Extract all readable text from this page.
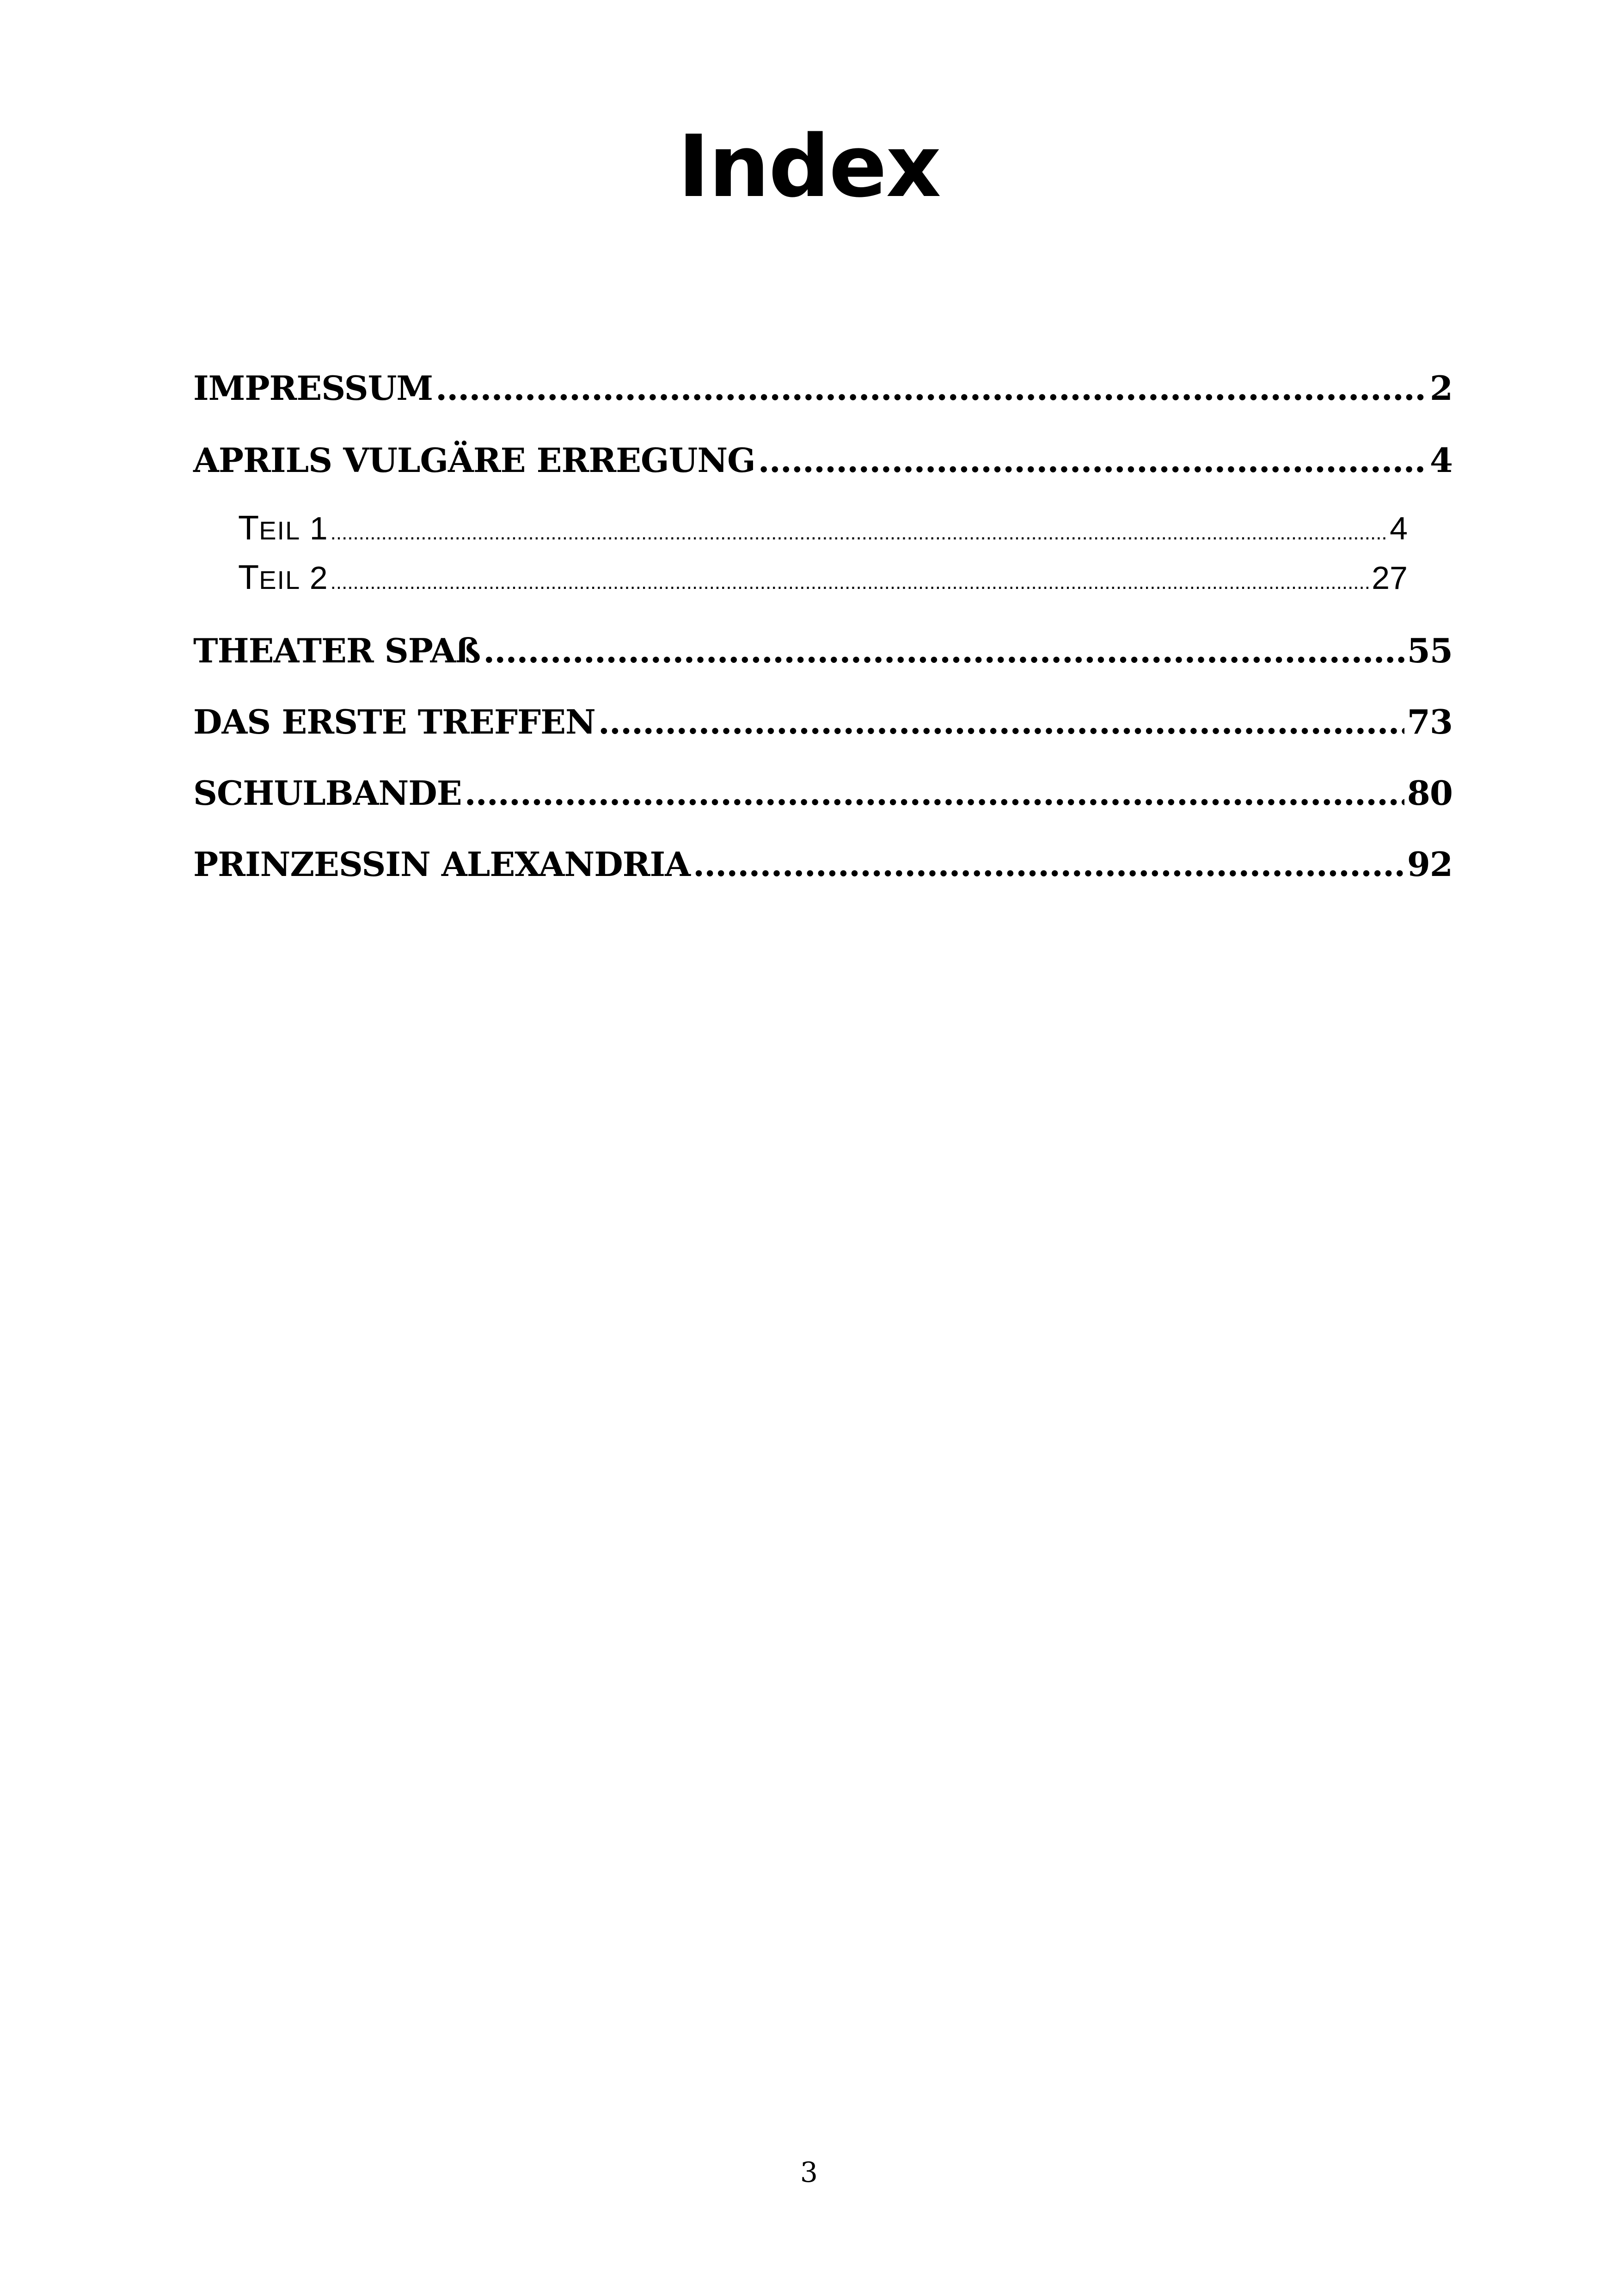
Index
IMPRESSUM .....	2
APRILS VULGÄRE ERREGUNG .....	4
TEIL 1 .....	4
TEIL 2 .....	27
THEATER SPAß .....	55
DAS ERSTE TREFFEN .....	73
SCHULBANDE .....	80
PRINZESSIN ALEXANDRIA .....	92
3
